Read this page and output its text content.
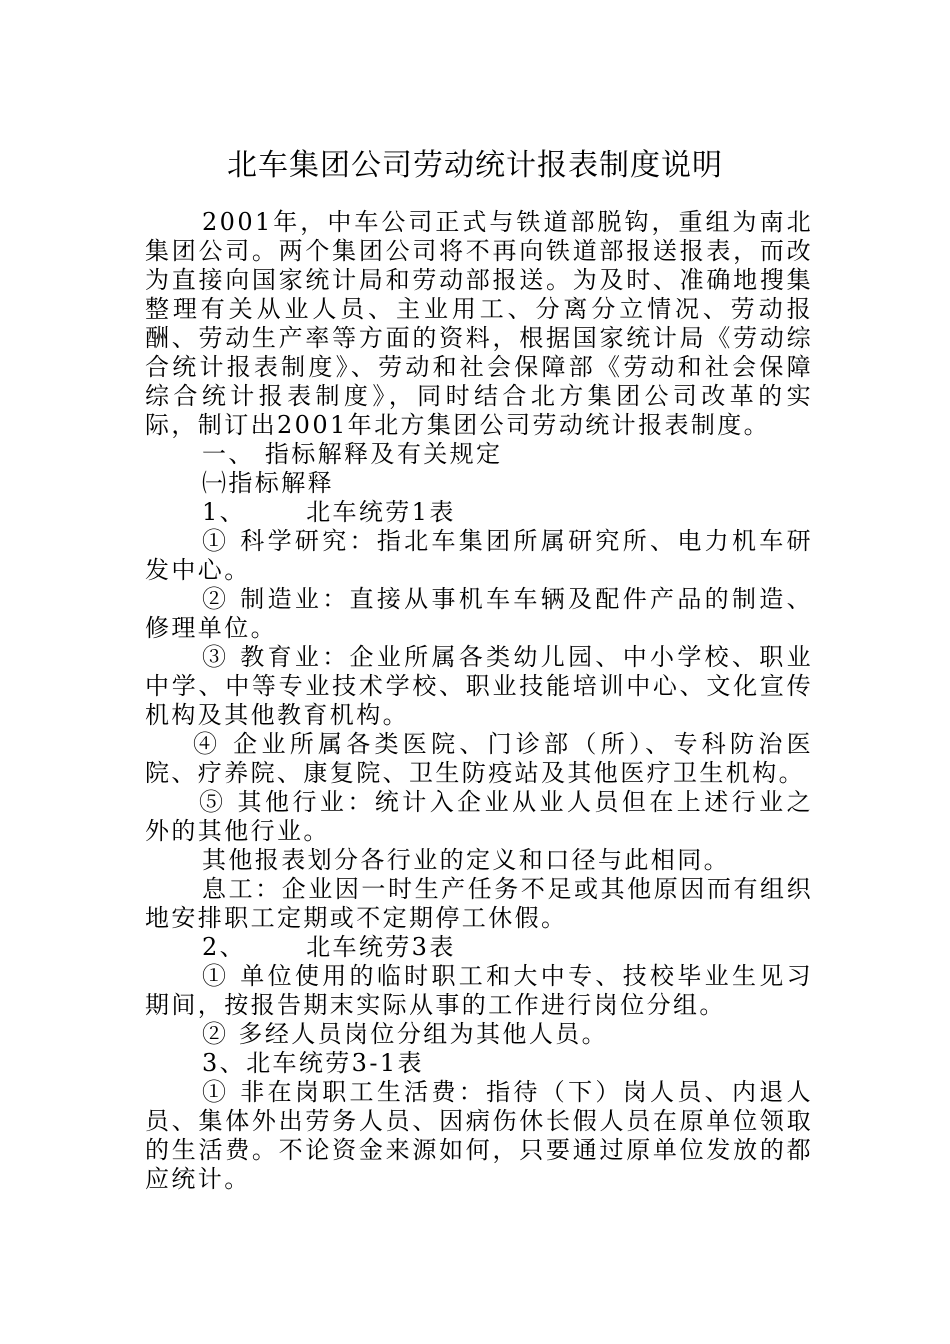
北车集团公司劳动统计报表制度说明

2001年，中车公司正式与铁道部脱钩，重组为南北集团公司。两个集团公司将不再向铁道部报送报表，而改为直接向国家统计局和劳动部报送。为及时、准确地搜集整理有关从业人员、主业用工、分离分立情况、劳动报酬、劳动生产率等方面的资料，根据国家统计局《劳动综合统计报表制度》、劳动和社会保障部《劳动和社会保障综合统计报表制度》，同时结合北方集团公司改革的实际，制订出2001年北方集团公司劳动统计报表制度。

一、 指标解释及有关规定

㈠指标解释

1、	北车统劳1表

① 科学研究：指北车集团所属研究所、电力机车研发中心。

② 制造业：直接从事机车车辆及配件产品的制造、修理单位。

③ 教育业：企业所属各类幼儿园、中小学校、职业中学、中等专业技术学校、职业技能培训中心、文化宣传机构及其他教育机构。

④ 企业所属各类医院、门诊部（所）、专科防治医院、疗养院、康复院、卫生防疫站及其他医疗卫生机构。

⑤ 其他行业：统计入企业从业人员但在上述行业之外的其他行业。

其他报表划分各行业的定义和口径与此相同。

息工：企业因一时生产任务不足或其他原因而有组织地安排职工定期或不定期停工休假。

2、	北车统劳3表

① 单位使用的临时职工和大中专、技校毕业生见习期间，按报告期末实际从事的工作进行岗位分组。

② 多经人员岗位分组为其他人员。

3、北车统劳3-1表

① 非在岗职工生活费：指待（下）岗人员、内退人员、集体外出劳务人员、因病伤休长假人员在原单位领取的生活费。不论资金来源如何，只要通过原单位发放的都应统计。
